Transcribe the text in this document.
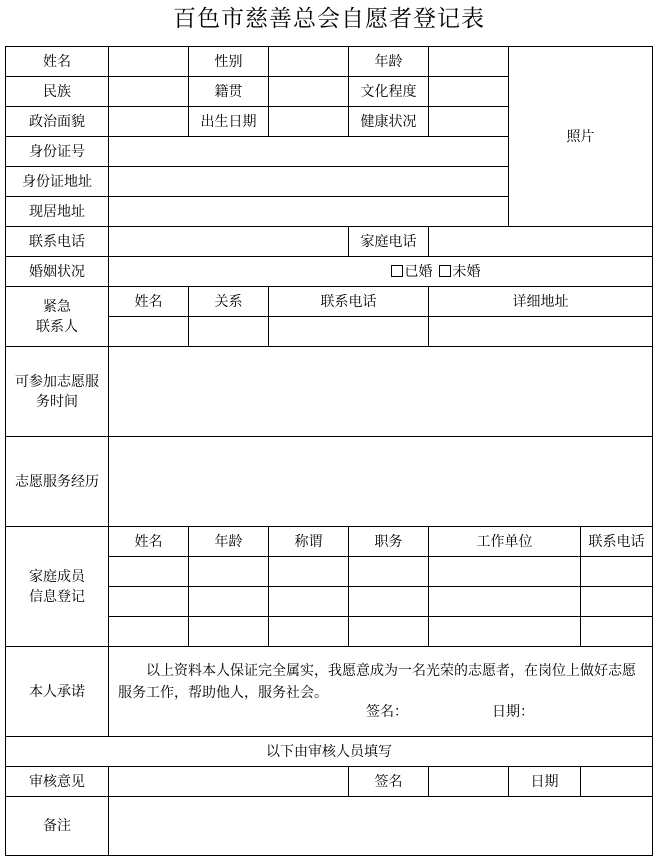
百色市慈善总会自愿者登记表
姓名	性别	年龄
照片
民族	籍贯	文化程度
政治面貌	出生日期	健康状况
身份证号
身份证地址
现居地址
联系电话	家庭电话
婚姻状况	已婚	未婚
紧急
联系人
姓名	关系	联系电话	详细地址
可参加志愿服
务时间
志愿服务经历
家庭成员
信息登记
姓名	年龄	称谓	职务	工作单位	联系电话
本人承诺
以上资料本人保证完全属实，我愿意成为一名光荣的志愿者，在岗位上做好志愿服务工作，帮助他人，服务社会。
签名：	日期：
以下由审核人员填写
审核意见	签名	日期
备注
